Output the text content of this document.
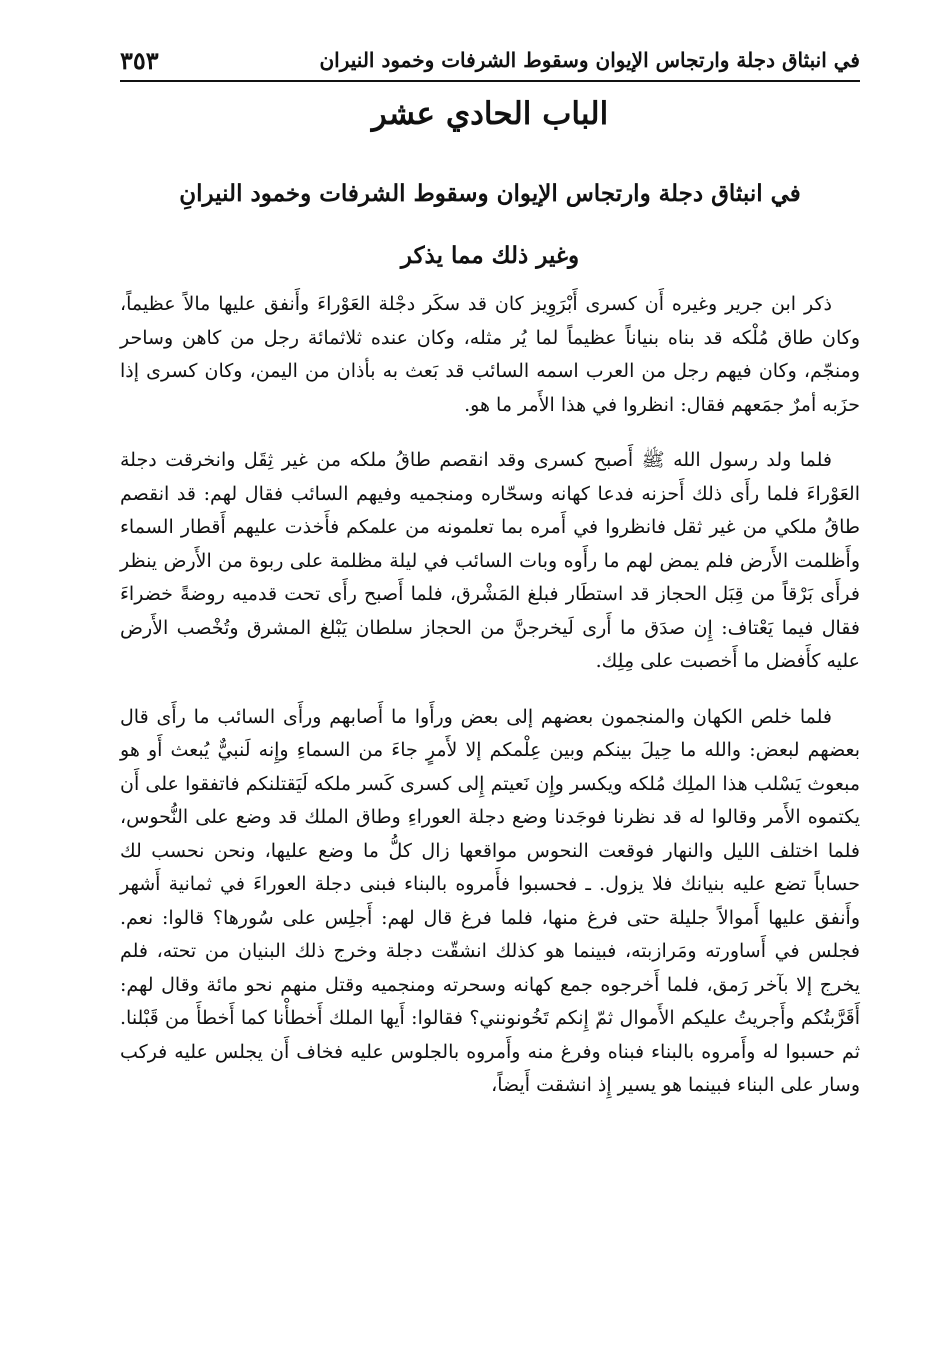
في انبثاق دجلة وارتجاس الإيوان وسقوط الشرفات وخمود النيران
٣٥٣
الباب الحادي عشر
في انبثاق دجلة وارتجاس الإيوان وسقوط الشرفات وخمود النيرانِ
وغير ذلك مما يذكر

ذكر ابن جرير وغيره أَن كسرى أَبْرَوِيز كان قد سكَر دجْلة العَوْراءَ وأَنفق عليها مالاً عظيماً، وكان طاق مُلْكه قد بناه بنياناً عظيماً لما يُر مثله، وكان عنده ثلاثمائة رجل من كاهن وساحر ومنجّم، وكان فيهم رجل من العرب اسمه السائب قد بَعث به بأذان من اليمن، وكان كسرى إذا حزَبه أمرٌ جمَعهم فقال: انظروا في هذا الأَمر ما هو.

فلما ولد رسول الله ﷺ أَصبح كسرى وقد انقصم طاقُ ملكه من غير ثِقَل وانخرقت دجلة العَوْراءَ فلما رأَى ذلك أَحزنه فدعا كهانه وسحّاره ومنجميه وفيهم السائب فقال لهم: قد انقصم طاقُ ملكي من غير ثقل فانظروا في أَمره بما تعلمونه من علمكم فأَخذت عليهم أَقطار السماء وأَظلمت الأَرض فلم يمض لهم ما رأَوه وبات السائب في ليلة مظلمة على ربوة من الأَرض ينظر فرأَى بَرْقاً من قِبَل الحجاز قد استطَار فبلغ المَشْرق، فلما أَصبح رأَى تحت قدميه روضةً خضراءَ فقال فيما يَعْتاف: إِن صدَق ما أَرى لَيخرجنَّ من الحجاز سلطان يَبْلغ المشرق وتُخْصب الأَرض عليه كأَفضل ما أَخصبت على مِلِك.

فلما خلص الكهان والمنجمون بعضهم إلى بعض ورأَوا ما أَصابهم ورأَى السائب ما رأَى قال بعضهم لبعض: والله ما حِيلَ بينكم وبين عِلْمكم إلا لأَمرٍ جاءَ من السماءِ وإِنه لَنبيٌّ يُبعث أَو هو مبعوث يَسْلب هذا الملِك مُلكه ويكسر وإِن نَعيتم إِلى كسرى كَسر ملكه لَيَقتلنكم فاتفقوا على أَن يكتموه الأَمر وقالوا له قد نظرنا فوجَدنا وضع دجلة العوراءِ وطاق الملك قد وضع على النُّحوس، فلما اختلف الليل والنهار فوقعت النحوس مواقعها زال كلُّ ما وضع عليها، ونحن نحسب لك حساباً تضع عليه بنيانك فلا يزول. ـ فحسبوا فأَمروه بالبناء فبنى دجلة العوراءَ في ثمانية أَشهر وأَنفق عليها أَموالاً جليلة حتى فرغ منها، فلما فرغ قال لهم: أَجلِس على سُورها؟ قالوا: نعم. فجلس في أَساورته ومَرازبته، فبينما هو كذلك انشقّت دجلة وخرج ذلك البنيان من تحته، فلم يخرج إلا بآخر رَمق، فلما أَخرجوه جمع كهانه وسحرته ومنجميه وقتل منهم نحو مائة وقال لهم: أَقَرَّبتُكم وأَجريتُ عليكم الأَموال ثمّ إِنكم تَخُونونني؟ فقالوا: أَيها الملك أَخطأْنا كما أَخطأَ من قَبْلنا. ثم حسبوا له وأَمروه بالبناء فبناه وفرغ منه وأَمروه بالجلوس عليه فخاف أَن يجلس عليه فركب وسار على البناء فبينما هو يسير إِذ انشقت أَيضاً،
